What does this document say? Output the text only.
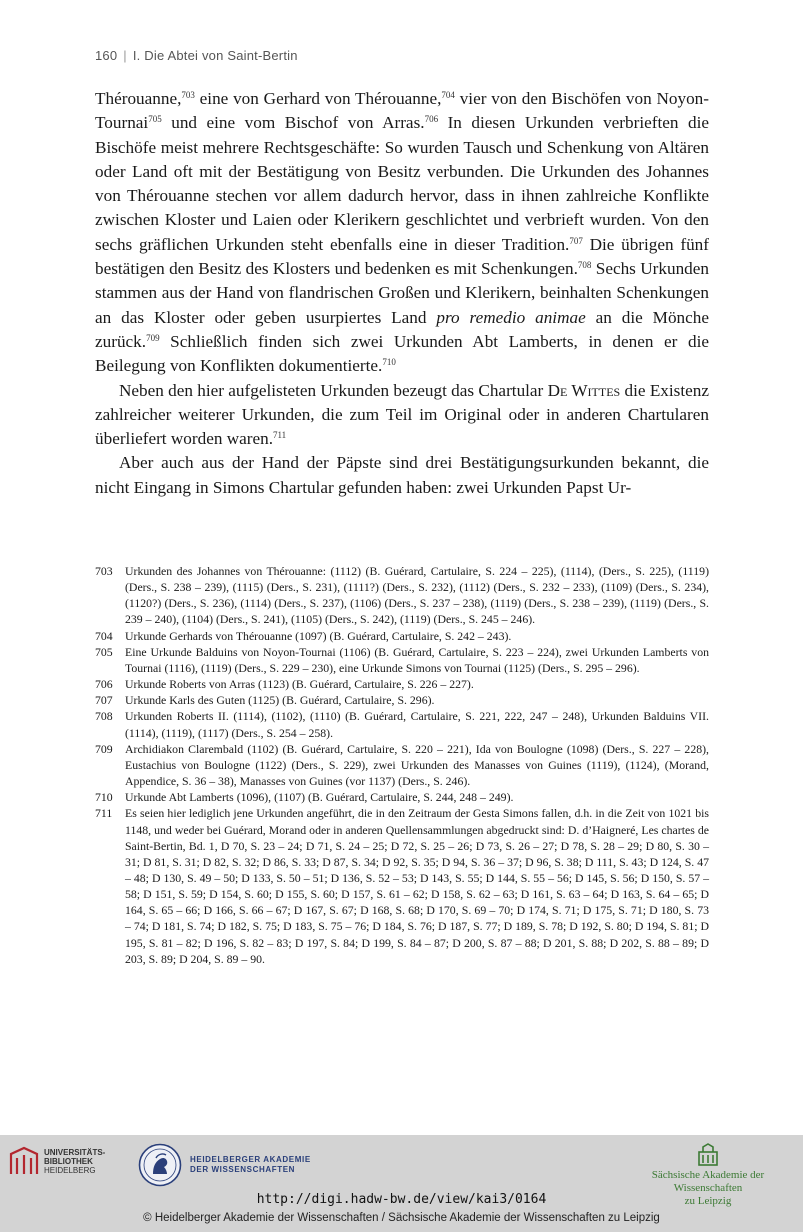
160 | I. Die Abtei von Saint-Bertin

Thérouanne,$^{703}$ eine von Gerhard von Thérouanne,$^{704}$ vier von den Bischöfen von Noyon-Tournai$^{705}$ und eine vom Bischof von Arras.$^{706}$ In diesen Urkunden verbrieften die Bischöfe meist mehrere Rechtsgeschäfte: So wurden Tausch und Schenkung von Altären oder Land oft mit der Bestätigung von Besitz verbunden. Die Urkunden des Johannes von Thérouanne stechen vor allem dadurch hervor, dass in ihnen zahlreiche Konflikte zwischen Kloster und Laien oder Klerikern geschlichtet und verbrieft wurden. Von den sechs gräflichen Urkunden steht ebenfalls eine in dieser Tradition.$^{707}$ Die übrigen fünf bestätigen den Besitz des Klosters und bedenken es mit Schenkungen.$^{708}$ Sechs Urkunden stammen aus der Hand von flandrischen Großen und Klerikern, beinhalten Schenkungen an das Kloster oder geben usurpiertes Land pro remedio animae an die Mönche zurück.$^{709}$ Schließlich finden sich zwei Urkunden Abt Lamberts, in denen er die Beilegung von Konflikten dokumentierte.$^{710}$

Neben den hier aufgelisteten Urkunden bezeugt das Chartular De Wittes die Existenz zahlreicher weiterer Urkunden, die zum Teil im Original oder in anderen Chartularen überliefert worden waren.$^{711}$

Aber auch aus der Hand der Päpste sind drei Bestätigungsurkunden bekannt, die nicht Eingang in Simons Chartular gefunden haben: zwei Urkunden Papst Ur-

703	Urkunden des Johannes von Thérouanne: (1112) (B. Guérard, Cartulaire, S. 224 – 225), (1114), (Ders., S. 225), (1119) (Ders., S. 238 – 239), (1115) (Ders., S. 231), (1111?) (Ders., S. 232), (1112) (Ders., S. 232 – 233), (1109) (Ders., S. 234), (1120?) (Ders., S. 236), (1114) (Ders., S. 237), (1106) (Ders., S. 237 – 238), (1119) (Ders., S. 238 – 239), (1119) (Ders., S. 239 – 240), (1104) (Ders., S. 241), (1105) (Ders., S. 242), (1119) (Ders., S. 245 – 246).
704	Urkunde Gerhards von Thérouanne (1097) (B. Guérard, Cartulaire, S. 242 – 243).
705	Eine Urkunde Balduins von Noyon-Tournai (1106) (B. Guérard, Cartulaire, S. 223 – 224), zwei Urkunden Lamberts von Tournai (1116), (1119) (Ders., S. 229 – 230), eine Urkunde Simons von Tournai (1125) (Ders., S. 295 – 296).
706	Urkunde Roberts von Arras (1123) (B. Guérard, Cartulaire, S. 226 – 227).
707	Urkunde Karls des Guten (1125) (B. Guérard, Cartulaire, S. 296).
708	Urkunden Roberts II. (1114), (1102), (1110) (B. Guérard, Cartulaire, S. 221, 222, 247 – 248), Urkunden Balduins VII. (1114), (1119), (1117) (Ders., S. 254 – 258).
709	Archidiakon Clarembald (1102) (B. Guérard, Cartulaire, S. 220 – 221), Ida von Boulogne (1098) (Ders., S. 227 – 228), Eustachius von Boulogne (1122) (Ders., S. 229), zwei Urkunden des Manasses von Guines (1119), (1124), (Morand, Appendice, S. 36 – 38), Manasses von Guines (vor 1137) (Ders., S. 246).
710	Urkunde Abt Lamberts (1096), (1107) (B. Guérard, Cartulaire, S. 244, 248 – 249).
711	Es seien hier lediglich jene Urkunden angeführt, die in den Zeitraum der Gesta Simons fallen, d.h. in die Zeit von 1021 bis 1148, und weder bei Guérard, Morand oder in anderen Quellensammlungen abgedruckt sind: D. d’Haigneré, Les chartes de Saint-Bertin, Bd. 1, D 70, S. 23 – 24; D 71, S. 24 – 25; D 72, S. 25 – 26; D 73, S. 26 – 27; D 78, S. 28 – 29; D 80, S. 30 – 31; D 81, S. 31; D 82, S. 32; D 86, S. 33; D 87, S. 34; D 92, S. 35; D 94, S. 36 – 37; D 96, S. 38; D 111, S. 43; D 124, S. 47 – 48; D 130, S. 49 – 50; D 133, S. 50 – 51; D 136, S. 52 – 53; D 143, S. 55; D 144, S. 55 – 56; D 145, S. 56; D 150, S. 57 – 58; D 151, S. 59; D 154, S. 60; D 155, S. 60; D 157, S. 61 – 62; D 158, S. 62 – 63; D 161, S. 63 – 64; D 163, S. 64 – 65; D 164, S. 65 – 66; D 166, S. 66 – 67; D 167, S. 67; D 168, S. 68; D 170, S. 69 – 70; D 174, S. 71; D 175, S. 71; D 180, S. 73 – 74; D 181, S. 74; D 182, S. 75; D 183, S. 75 – 76; D 184, S. 76; D 187, S. 77; D 189, S. 78; D 192, S. 80; D 194, S. 81; D 195, S. 81 – 82; D 196, S. 82 – 83; D 197, S. 84; D 199, S. 84 – 87; D 200, S. 87 – 88; D 201, S. 88; D 202, S. 88 – 89; D 203, S. 89; D 204, S. 89 – 90.
UNIVERSITÄTS-
BIBLIOTHEK
HEIDELBERG
HEIDELBERGER AKADEMIE
DER WISSENSCHAFTEN	Sächsische Akademie der Wissenschaften
zu Leipzig
http://digi.hadw-bw.de/view/kai3/0164
© Heidelberger Akademie der Wissenschaften / Sächsische Akademie der Wissenschaften zu Leipzig
